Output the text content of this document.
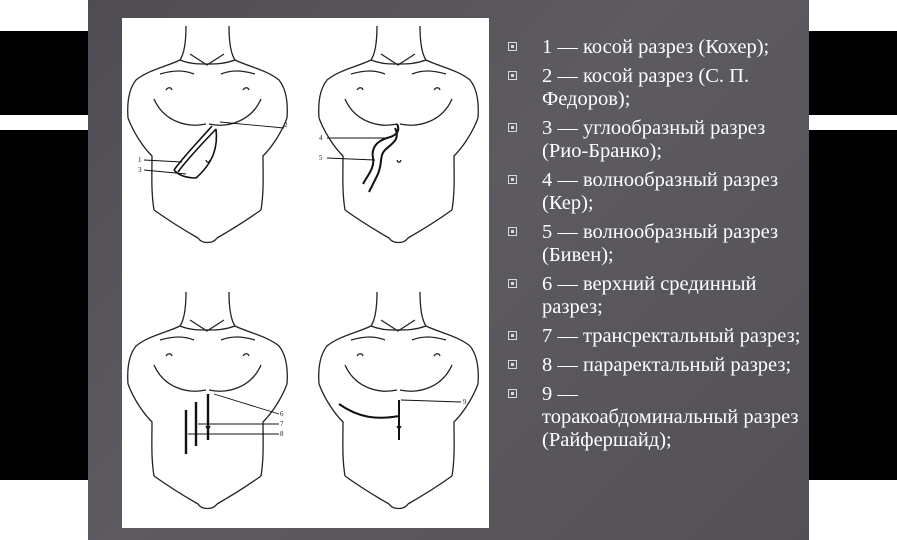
2
1
3
4
5
6
7
8
9
1 — косой разрез (Кохер);
2 — косой разрез (С. П. Федоров);
3 — углообразный разрез (Рио-Бранко);
4 — волнообразный разрез (Кер);
5 — волнообразный разрез (Бивен);
6 — верхний срединный разрез;
7 — трансректальный разрез;
8 — параректальный разрез;
9 —
торакоабдоминальный разрез (Райфершайд);
